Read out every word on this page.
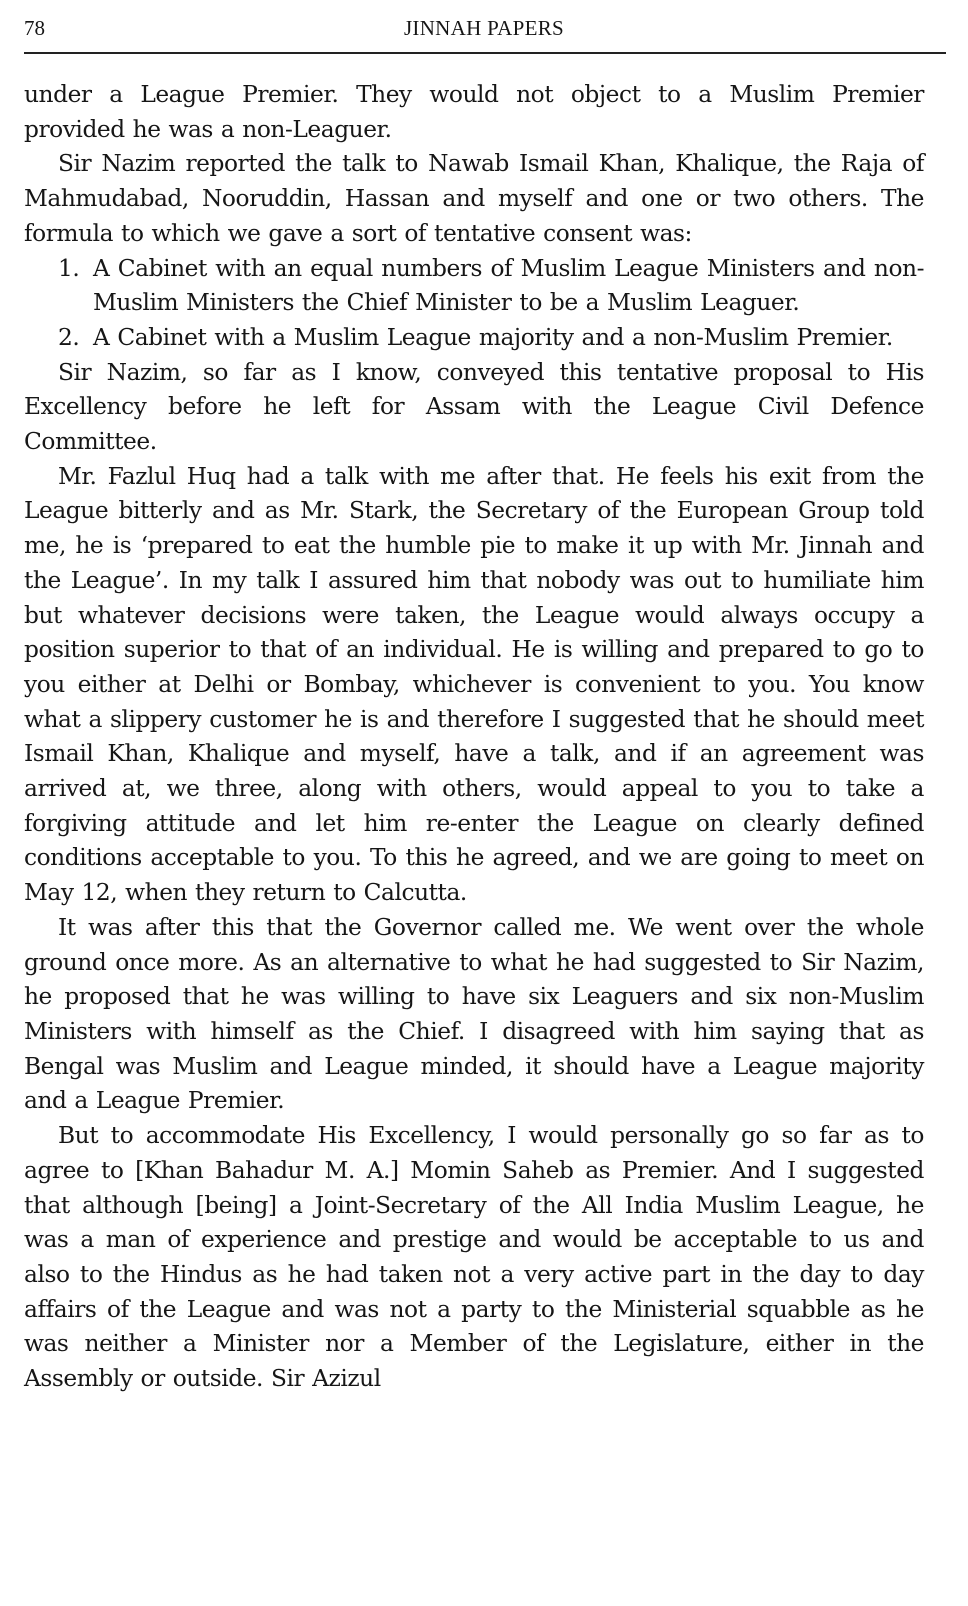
78	JINNAH PAPERS

under a League Premier. They would not object to a Muslim Premier provided he was a non-Leaguer.

Sir Nazim reported the talk to Nawab Ismail Khan, Khalique, the Raja of Mahmudabad, Nooruddin, Hassan and myself and one or two others. The formula to which we gave a sort of tentative consent was:

1. A Cabinet with an equal numbers of Muslim League Ministers and non-Muslim Ministers the Chief Minister to be a Muslim Leaguer.
2. A Cabinet with a Muslim League majority and a non-Muslim Premier.

Sir Nazim, so far as I know, conveyed this tentative proposal to His Excellency before he left for Assam with the League Civil Defence Committee.

Mr. Fazlul Huq had a talk with me after that. He feels his exit from the League bitterly and as Mr. Stark, the Secretary of the European Group told me, he is ‘prepared to eat the humble pie to make it up with Mr. Jinnah and the League’. In my talk I assured him that nobody was out to humiliate him but whatever decisions were taken, the League would always occupy a position superior to that of an individual. He is willing and prepared to go to you either at Delhi or Bombay, whichever is convenient to you. You know what a slippery customer he is and therefore I suggested that he should meet Ismail Khan, Khalique and myself, have a talk, and if an agreement was arrived at, we three, along with others, would appeal to you to take a forgiving attitude and let him re-enter the League on clearly defined conditions acceptable to you. To this he agreed, and we are going to meet on May 12, when they return to Calcutta.

It was after this that the Governor called me. We went over the whole ground once more. As an alternative to what he had suggested to Sir Nazim, he proposed that he was willing to have six Leaguers and six non-Muslim Ministers with himself as the Chief. I disagreed with him saying that as Bengal was Muslim and League minded, it should have a League majority and a League Premier.

But to accommodate His Excellency, I would personally go so far as to agree to [Khan Bahadur M. A.] Momin Saheb as Premier. And I suggested that although [being] a Joint-Secretary of the All India Muslim League, he was a man of experience and prestige and would be acceptable to us and also to the Hindus as he had taken not a very active part in the day to day affairs of the League and was not a party to the Ministerial squabble as he was neither a Minister nor a Member of the Legislature, either in the Assembly or outside. Sir Azizul
